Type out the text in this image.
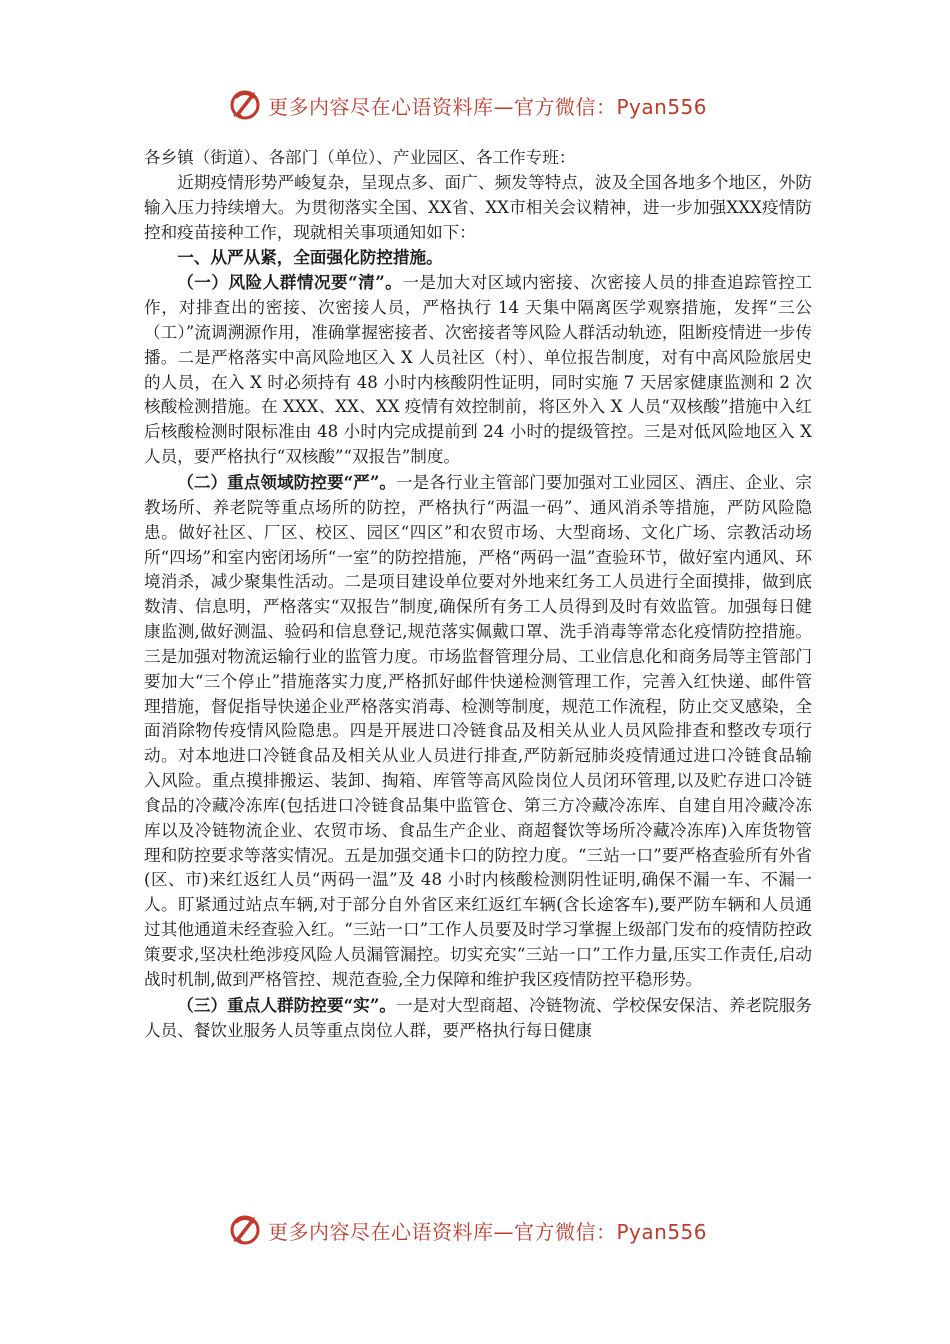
更多内容尽在心语资料库—官方微信：Pyan556

各乡镇（街道）、各部门（单位）、产业园区、各工作专班：

近期疫情形势严峻复杂，呈现点多、面广、频发等特点，波及全国各地多个地区，外防输入压力持续增大。为贯彻落实全国、XX省、XX市相关会议精神，进一步加强XXX疫情防控和疫苗接种工作，现就相关事项通知如下：

一、从严从紧，全面强化防控措施。

（一）风险人群情况要“清”。一是加大对区域内密接、次密接人员的排查追踪管控工作，对排查出的密接、次密接人员，严格执行 14 天集中隔离医学观察措施，发挥“三公（工）”流调溯源作用，准确掌握密接者、次密接者等风险人群活动轨迹，阻断疫情进一步传播。二是严格落实中高风险地区入 X 人员社区（村）、单位报告制度，对有中高风险旅居史的人员，在入 X 时必须持有 48 小时内核酸阴性证明，同时实施 7 天居家健康监测和 2 次核酸检测措施。在 XXX、XX、XX 疫情有效控制前，将区外入 X 人员“双核酸”措施中入红后核酸检测时限标准由 48 小时内完成提前到 24 小时的提级管控。三是对低风险地区入 X 人员，要严格执行“双核酸”“双报告”制度。

（二）重点领域防控要“严”。一是各行业主管部门要加强对工业园区、酒庄、企业、宗教场所、养老院等重点场所的防控，严格执行“两温一码”、通风消杀等措施，严防风险隐患。做好社区、厂区、校区、园区“四区”和农贸市场、大型商场、文化广场、宗教活动场所“四场”和室内密闭场所“一室”的防控措施，严格“两码一温”查验环节，做好室内通风、环境消杀，减少聚集性活动。二是项目建设单位要对外地来红务工人员进行全面摸排，做到底数清、信息明，严格落实“双报告”制度,确保所有务工人员得到及时有效监管。加强每日健康监测,做好测温、验码和信息登记,规范落实佩戴口罩、洗手消毒等常态化疫情防控措施。三是加强对物流运输行业的监管力度。市场监督管理分局、工业信息化和商务局等主管部门要加大“三个停止”措施落实力度,严格抓好邮件快递检测管理工作，完善入红快递、邮件管理措施，督促指导快递企业严格落实消毒、检测等制度，规范工作流程，防止交叉感染，全面消除物传疫情风险隐患。四是开展进口冷链食品及相关从业人员风险排查和整改专项行动。对本地进口冷链食品及相关从业人员进行排查,严防新冠肺炎疫情通过进口冷链食品输入风险。重点摸排搬运、装卸、掏箱、库管等高风险岗位人员闭环管理,以及贮存进口冷链食品的冷藏冷冻库(包括进口冷链食品集中监管仓、第三方冷藏冷冻库、自建自用冷藏冷冻库以及冷链物流企业、农贸市场、食品生产企业、商超餐饮等场所冷藏冷冻库)入库货物管理和防控要求等落实情况。五是加强交通卡口的防控力度。“三站一口”要严格查验所有外省(区、市)来红返红人员“两码一温”及 48 小时内核酸检测阴性证明,确保不漏一车、不漏一人。盯紧通过站点车辆,对于部分自外省区来红返红车辆(含长途客车),要严防车辆和人员通过其他通道未经查验入红。“三站一口”工作人员要及时学习掌握上级部门发布的疫情防控政策要求,坚决杜绝涉疫风险人员漏管漏控。切实充实“三站一口”工作力量,压实工作责任,启动战时机制,做到严格管控、规范查验,全力保障和维护我区疫情防控平稳形势。

（三）重点人群防控要“实”。一是对大型商超、冷链物流、学校保安保洁、养老院服务人员、餐饮业服务人员等重点岗位人群，要严格执行每日健康

更多内容尽在心语资料库—官方微信：Pyan556
